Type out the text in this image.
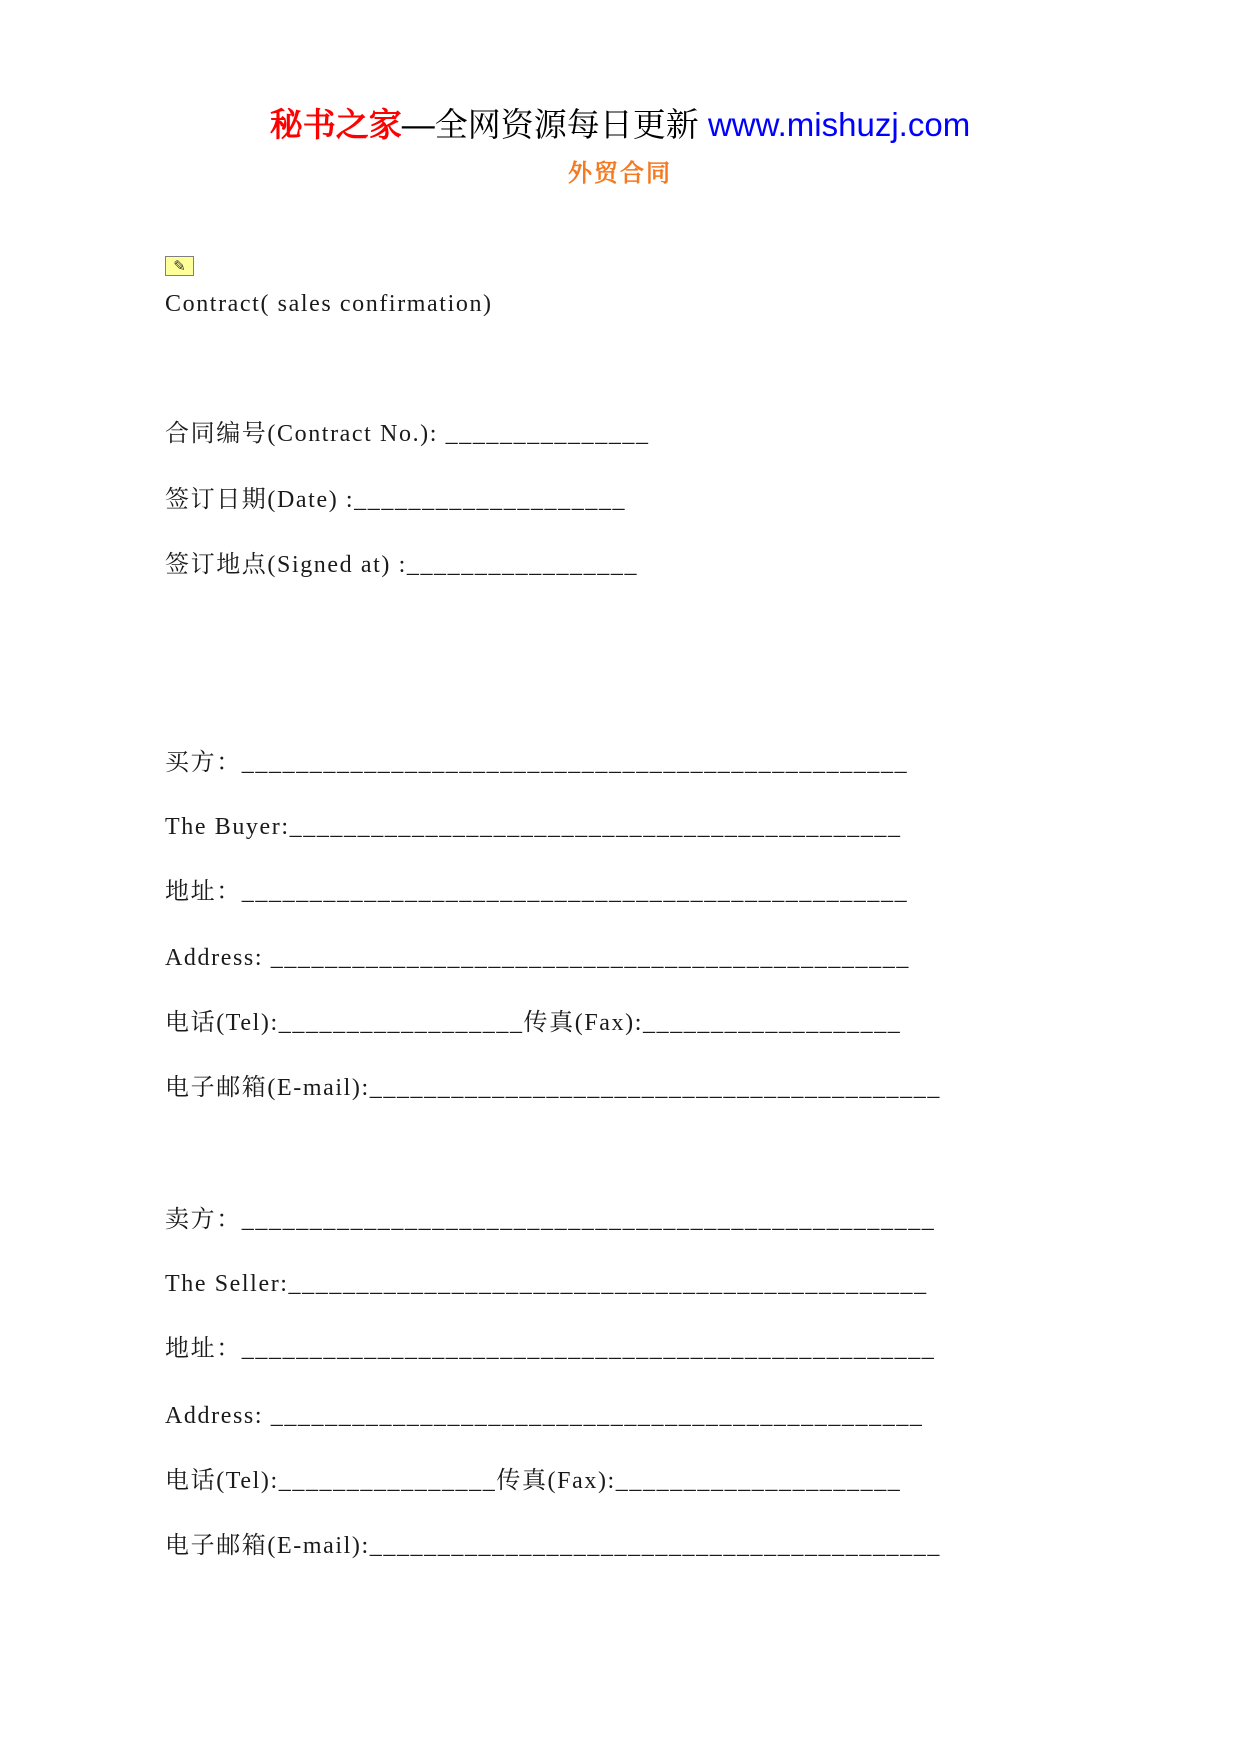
秘书之家—全网资源每日更新 www.mishuzj.com
外贸合同
✎
Contract( sales confirmation)
合同编号(Contract No.): _______________
签订日期(Date) :____________________
签订地点(Signed at) :_________________
买方：_________________________________________________
The Buyer:_____________________________________________
地址：_________________________________________________
Address: _______________________________________________
电话(Tel):__________________传真(Fax):___________________
电子邮箱(E-mail):__________________________________________
卖方：___________________________________________________
The Seller:_______________________________________________
地址：___________________________________________________
Address: ________________________________________________
电话(Tel):________________传真(Fax):_____________________
电子邮箱(E-mail):__________________________________________
